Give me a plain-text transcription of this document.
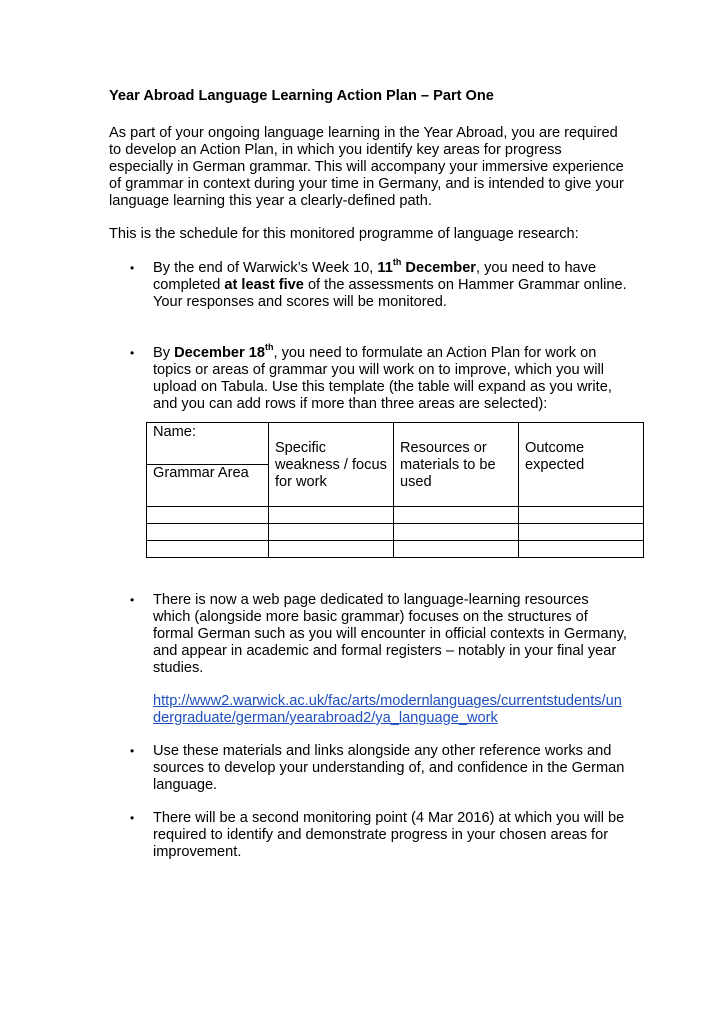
Year Abroad Language Learning Action Plan – Part One

As part of your ongoing language learning in the Year Abroad, you are required to develop an Action Plan, in which you identify key areas for progress especially in German grammar. This will accompany your immersive experience of grammar in context during your time in Germany, and is intended to give your language learning this year a clearly-defined path.

This is the schedule for this monitored programme of language research:

• By the end of Warwick’s Week 10, 11th December, you need to have completed at least five of the assessments on Hammer Grammar online. Your responses and scores will be monitored.

• By December 18th, you need to formulate an Action Plan for work on topics or areas of grammar you will work on to improve, which you will upload on Tabula. Use this template (the table will expand as you write, and you can add rows if more than three areas are selected):

Name:
Grammar Area	Specific weakness / focus for work	Resources or materials to be used	Outcome expected

• There is now a web page dedicated to language-learning resources which (alongside more basic grammar) focuses on the structures of formal German such as you will encounter in official contexts in Germany, and appear in academic and formal registers – notably in your final year studies.

http://www2.warwick.ac.uk/fac/arts/modernlanguages/currentstudents/undergraduate/german/yearabroad2/ya_language_work
• Use these materials and links alongside any other reference works and sources to develop your understanding of, and confidence in the German language.

• There will be a second monitoring point (4 Mar 2016) at which you will be required to identify and demonstrate progress in your chosen areas for improvement.
